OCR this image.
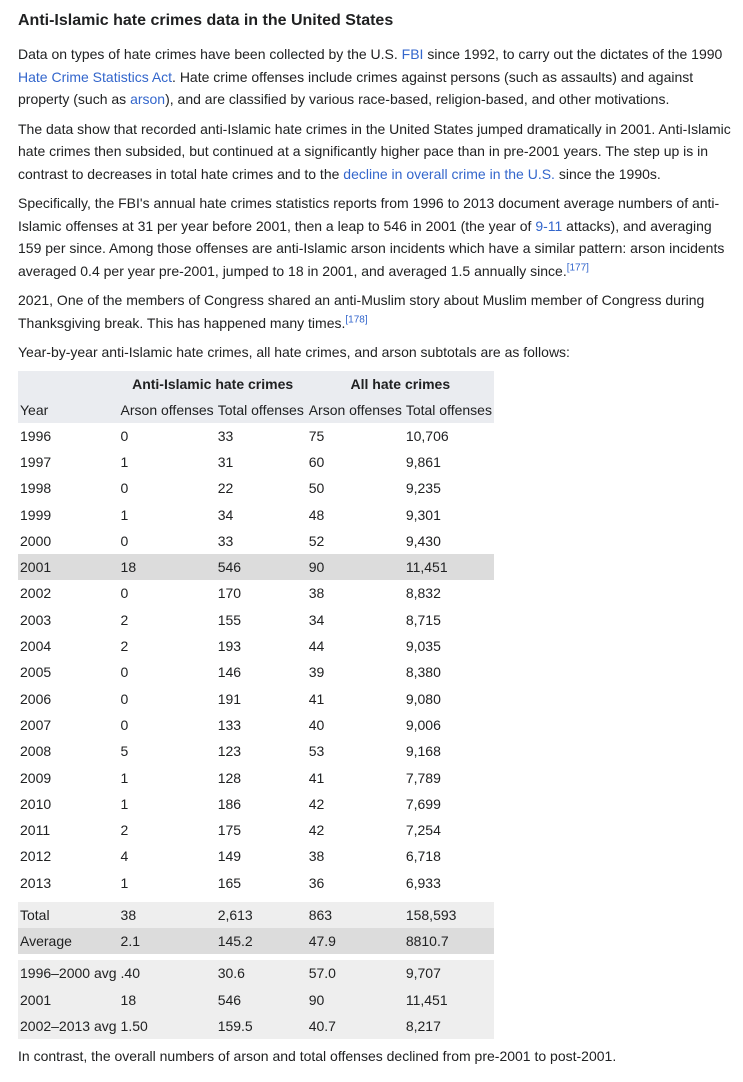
Anti-Islamic hate crimes data in the United States

Data on types of hate crimes have been collected by the U.S. FBI since 1992, to carry out the dictates of the 1990 Hate Crime Statistics Act. Hate crime offenses include crimes against persons (such as assaults) and against property (such as arson), and are classified by various race-based, religion-based, and other motivations.

The data show that recorded anti-Islamic hate crimes in the United States jumped dramatically in 2001. Anti-Islamic hate crimes then subsided, but continued at a significantly higher pace than in pre-2001 years. The step up is in contrast to decreases in total hate crimes and to the decline in overall crime in the U.S. since the 1990s.

Specifically, the FBI's annual hate crimes statistics reports from 1996 to 2013 document average numbers of anti-Islamic offenses at 31 per year before 2001, then a leap to 546 in 2001 (the year of 9-11 attacks), and averaging 159 per since. Among those offenses are anti-Islamic arson incidents which have a similar pattern: arson incidents averaged 0.4 per year pre-2001, jumped to 18 in 2001, and averaged 1.5 annually since.[177]

2021, One of the members of Congress shared an anti-Muslim story about Muslim member of Congress during Thanksgiving break. This has happened many times.[178]

Year-by-year anti-Islamic hate crimes, all hate crimes, and arson subtotals are as follows:

	Anti-Islamic hate crimes		All hate crimes	
Year	Arson offenses	Total offenses	Arson offenses	Total offenses
1996	0	33	75	10,706
1997	1	31	60	9,861
1998	0	22	50	9,235
1999	1	34	48	9,301
2000	0	33	52	9,430
2001	18	546	90	11,451
2002	0	170	38	8,832
2003	2	155	34	8,715
2004	2	193	44	9,035
2005	0	146	39	8,380
2006	0	191	41	9,080
2007	0	133	40	9,006
2008	5	123	53	9,168
2009	1	128	41	7,789
2010	1	186	42	7,699
2011	2	175	42	7,254
2012	4	149	38	6,718
2013	1	165	36	6,933

Total	38	2,613	863	158,593
Average	2.1	145.2	47.9	8810.7

1996–2000 avg	.40	30.6	57.0	9,707
2001	18	546	90	11,451
2002–2013 avg	1.50	159.5	40.7	8,217

In contrast, the overall numbers of arson and total offenses declined from pre-2001 to post-2001.
